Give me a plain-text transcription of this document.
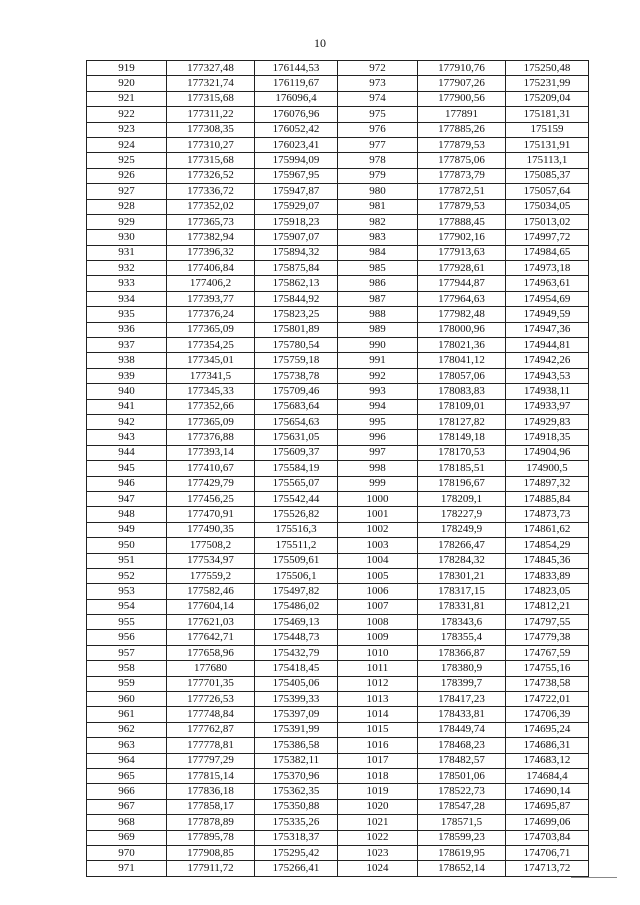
10
919	177327,48	176144,53	972	177910,76	175250,48
920	177321,74	176119,67	973	177907,26	175231,99
921	177315,68	176096,4	974	177900,56	175209,04
922	177311,22	176076,96	975	177891	175181,31
923	177308,35	176052,42	976	177885,26	175159
924	177310,27	176023,41	977	177879,53	175131,91
925	177315,68	175994,09	978	177875,06	175113,1
926	177326,52	175967,95	979	177873,79	175085,37
927	177336,72	175947,87	980	177872,51	175057,64
928	177352,02	175929,07	981	177879,53	175034,05
929	177365,73	175918,23	982	177888,45	175013,02
930	177382,94	175907,07	983	177902,16	174997,72
931	177396,32	175894,32	984	177913,63	174984,65
932	177406,84	175875,84	985	177928,61	174973,18
933	177406,2	175862,13	986	177944,87	174963,61
934	177393,77	175844,92	987	177964,63	174954,69
935	177376,24	175823,25	988	177982,48	174949,59
936	177365,09	175801,89	989	178000,96	174947,36
937	177354,25	175780,54	990	178021,36	174944,81
938	177345,01	175759,18	991	178041,12	174942,26
939	177341,5	175738,78	992	178057,06	174943,53
940	177345,33	175709,46	993	178083,83	174938,11
941	177352,66	175683,64	994	178109,01	174933,97
942	177365,09	175654,63	995	178127,82	174929,83
943	177376,88	175631,05	996	178149,18	174918,35
944	177393,14	175609,37	997	178170,53	174904,96
945	177410,67	175584,19	998	178185,51	174900,5
946	177429,79	175565,07	999	178196,67	174897,32
947	177456,25	175542,44	1000	178209,1	174885,84
948	177470,91	175526,82	1001	178227,9	174873,73
949	177490,35	175516,3	1002	178249,9	174861,62
950	177508,2	175511,2	1003	178266,47	174854,29
951	177534,97	175509,61	1004	178284,32	174845,36
952	177559,2	175506,1	1005	178301,21	174833,89
953	177582,46	175497,82	1006	178317,15	174823,05
954	177604,14	175486,02	1007	178331,81	174812,21
955	177621,03	175469,13	1008	178343,6	174797,55
956	177642,71	175448,73	1009	178355,4	174779,38
957	177658,96	175432,79	1010	178366,87	174767,59
958	177680	175418,45	1011	178380,9	174755,16
959	177701,35	175405,06	1012	178399,7	174738,58
960	177726,53	175399,33	1013	178417,23	174722,01
961	177748,84	175397,09	1014	178433,81	174706,39
962	177762,87	175391,99	1015	178449,74	174695,24
963	177778,81	175386,58	1016	178468,23	174686,31
964	177797,29	175382,11	1017	178482,57	174683,12
965	177815,14	175370,96	1018	178501,06	174684,4
966	177836,18	175362,35	1019	178522,73	174690,14
967	177858,17	175350,88	1020	178547,28	174695,87
968	177878,89	175335,26	1021	178571,5	174699,06
969	177895,78	175318,37	1022	178599,23	174703,84
970	177908,85	175295,42	1023	178619,95	174706,71
971	177911,72	175266,41	1024	178652,14	174713,72
